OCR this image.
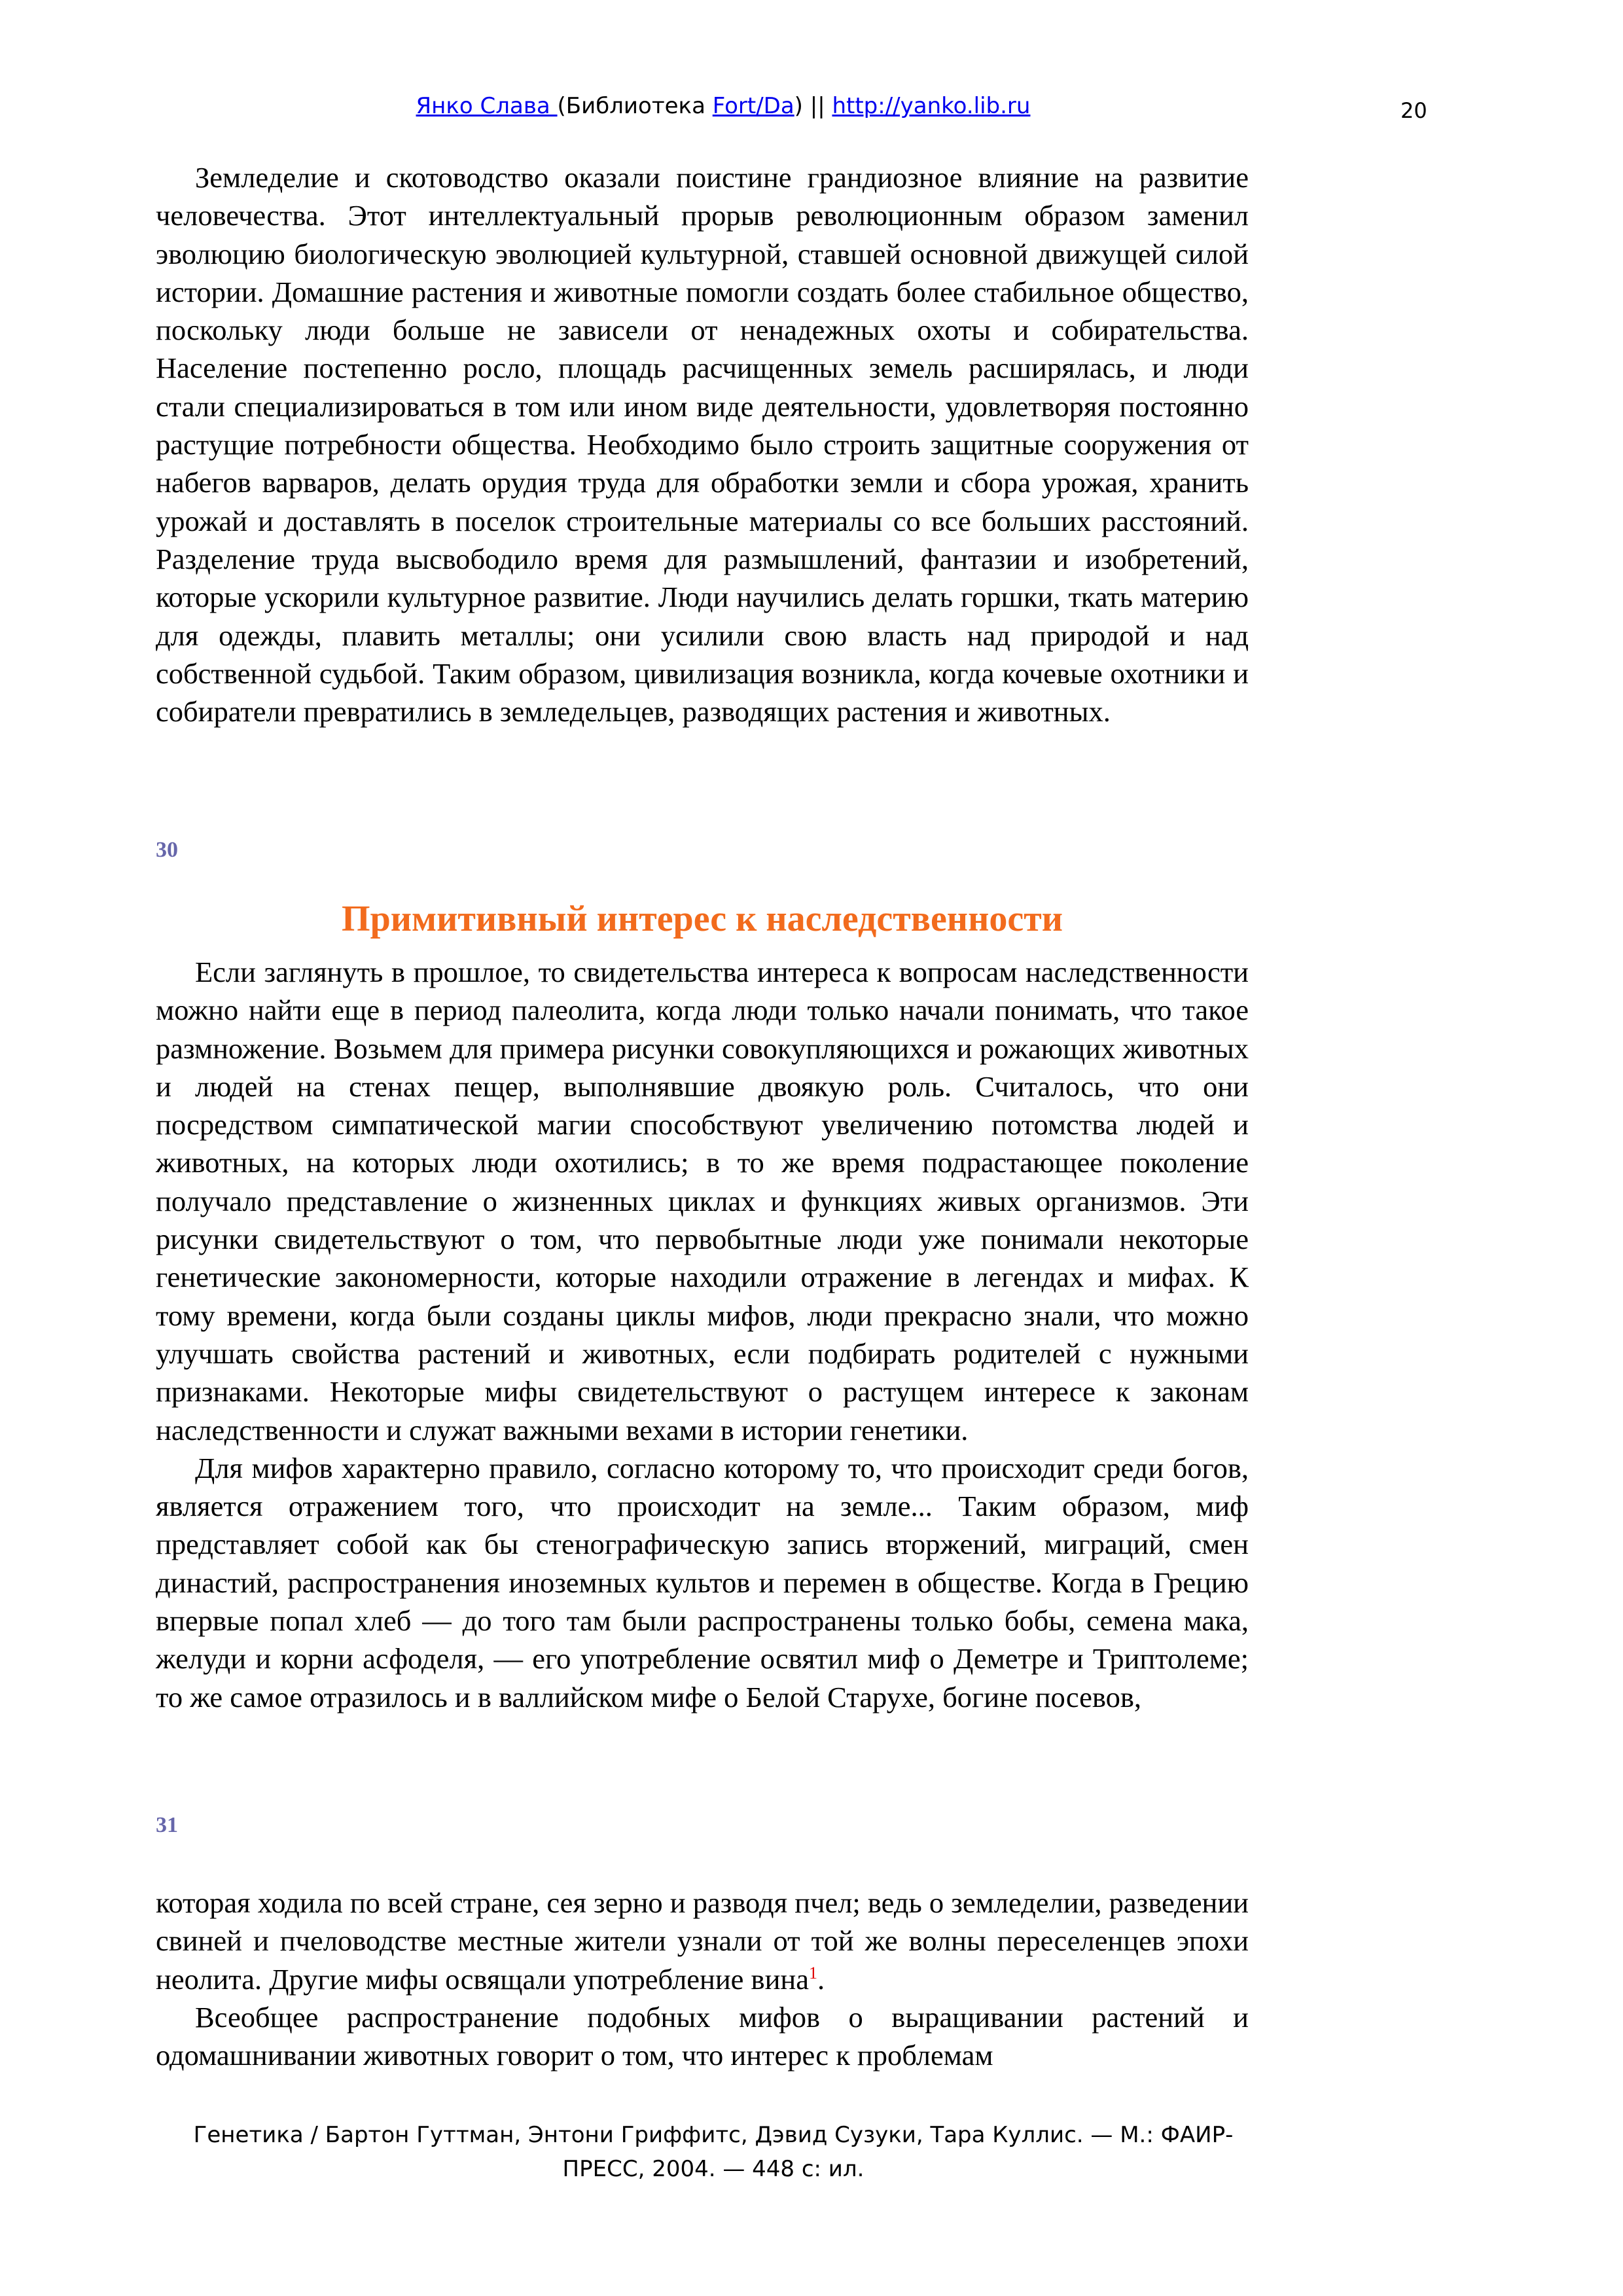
Янко Слава (Библиотека Fort/Da) || http://yanko.lib.ru	20

Земледелие и скотоводство оказали поистине грандиозное влияние на развитие человечества. Этот интеллектуальный прорыв революционным образом заменил эволюцию биологическую эволюцией культурной, ставшей основной движущей силой истории. Домашние растения и животные помогли создать более стабильное общество, поскольку люди больше не зависели от ненадежных охоты и собирательства. Население постепенно росло, площадь расчищенных земель расширялась, и люди стали специализироваться в том или ином виде деятельности, удовлетворяя постоянно растущие потребности общества. Необходимо было строить защитные сооружения от набегов варваров, делать орудия труда для обработки земли и сбора урожая, хранить урожай и доставлять в поселок строительные материалы со все больших расстояний. Разделение труда высвободило время для размышлений, фантазии и изобретений, которые ускорили культурное развитие. Люди научились делать горшки, ткать материю для одежды, плавить металлы; они усилили свою власть над природой и над собственной судьбой. Таким образом, цивилизация возникла, когда кочевые охотники и собиратели превратились в земледельцев, разводящих растения и животных.

30
Примитивный интерес к наследственности

Если заглянуть в прошлое, то свидетельства интереса к вопросам наследственности можно найти еще в период палеолита, когда люди только начали понимать, что такое размножение. Возьмем для примера рисунки совокупляющихся и рожающих животных и людей на стенах пещер, выполнявшие двоякую роль. Считалось, что они посредством симпатической магии способствуют увеличению потомства людей и животных, на которых люди охотились; в то же время подрастающее поколение получало представление о жизненных циклах и функциях живых организмов. Эти рисунки свидетельствуют о том, что первобытные люди уже понимали некоторые генетические закономерности, которые находили отражение в легендах и мифах. К тому времени, когда были созданы циклы мифов, люди прекрасно знали, что можно улучшать свойства растений и животных, если подбирать родителей с нужными признаками. Некоторые мифы свидетельствуют о растущем интересе к законам наследственности и служат важными вехами в истории генетики.

Для мифов характерно правило, согласно которому то, что происходит среди богов, является отражением того, что происходит на земле... Таким образом, миф представляет собой как бы стенографическую запись вторжений, миграций, смен династий, распространения иноземных культов и перемен в обществе. Когда в Грецию впервые попал хлеб — до того там были распространены только бобы, семена мака, желуди и корни асфоделя, — его употребление освятил миф о Деметре и Триптолеме; то же самое отразилось и в валлийском мифе о Белой Старухе, богине посевов,

31

которая ходила по всей стране, сея зерно и разводя пчел; ведь о земледелии, разведении свиней и пчеловодстве местные жители узнали от той же волны переселенцев эпохи неолита. Другие мифы освящали употребление вина$^1$.

Всеобщее распространение подобных мифов о выращивании растений и одомашнивании животных говорит о том, что интерес к проблемам

Генетика / Бартон Гуттман, Энтони Гриффитс, Дэвид Сузуки, Тара Куллис. — М.: ФАИР-
ПРЕСС, 2004. — 448 с: ил.
